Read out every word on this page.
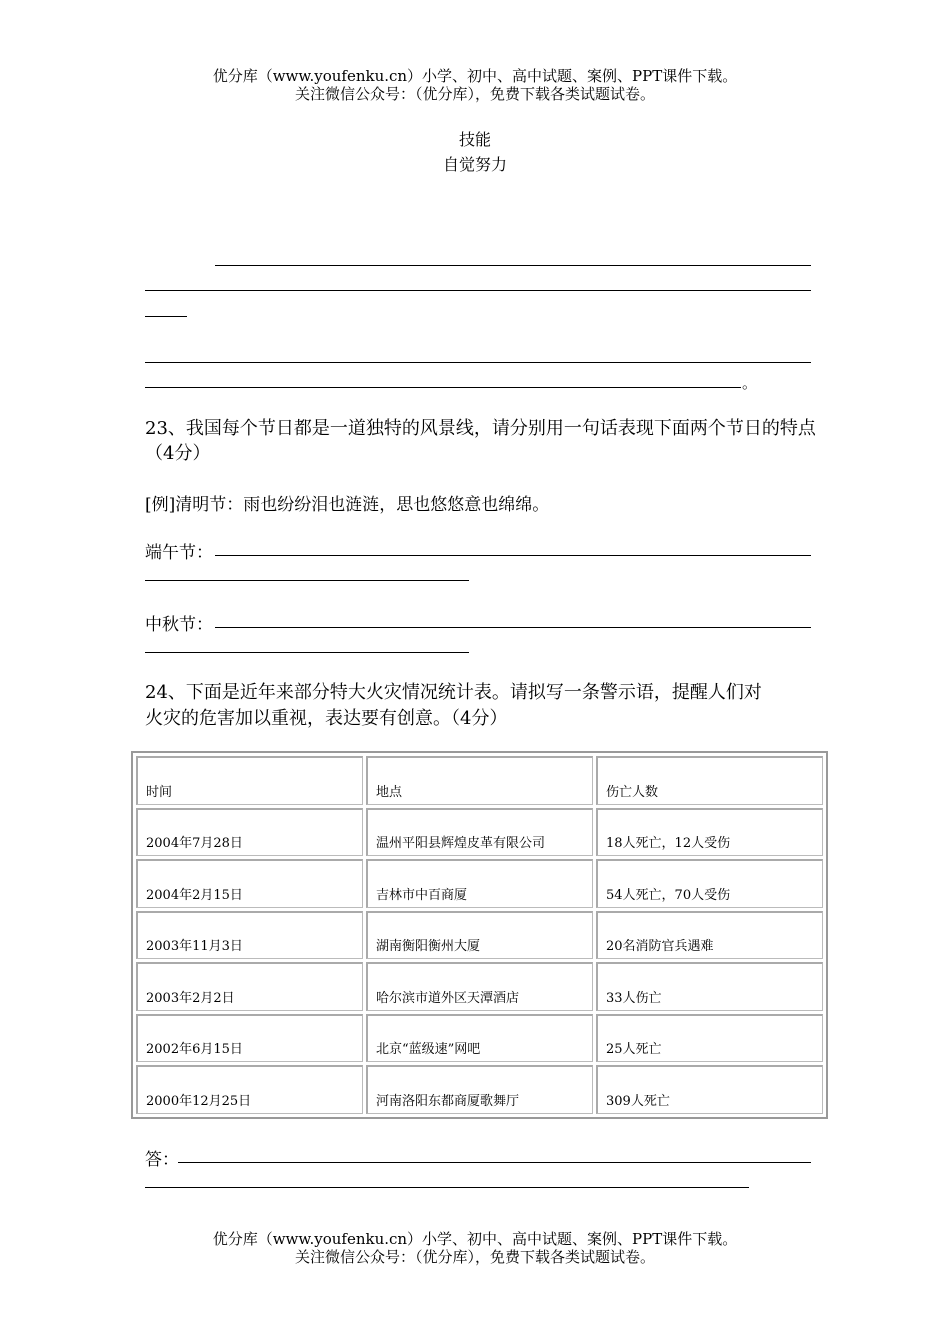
优分库（www.youfenku.cn）小学、初中、高中试题、案例、PPT课件下载。
关注微信公众号：（优分库），免费下载各类试题试卷。
技能
自觉努力
。
23、我国每个节日都是一道独特的风景线，请分别用一句话表现下面两个节日的特点
（4分）
[例]清明节：雨也纷纷泪也涟涟，思也悠悠意也绵绵。
端午节：
中秋节：
24、下面是近年来部分特大火灾情况统计表。请拟写一条警示语，提醒人们对
火灾的危害加以重视，表达要有创意。（4分）
时间	地点	伤亡人数
2004年7月28日	温州平阳县辉煌皮革有限公司	18人死亡，12人受伤
2004年2月15日	吉林市中百商厦	54人死亡，70人受伤
2003年11月3日	湖南衡阳衡州大厦	20名消防官兵遇难
2003年2月2日	哈尔滨市道外区天潭酒店	33人伤亡
2002年6月15日	北京“蓝级速”网吧	25人死亡
2000年12月25日	河南洛阳东都商厦歌舞厅	309人死亡
答：
优分库（www.youfenku.cn）小学、初中、高中试题、案例、PPT课件下载。
关注微信公众号：（优分库），免费下载各类试题试卷。
